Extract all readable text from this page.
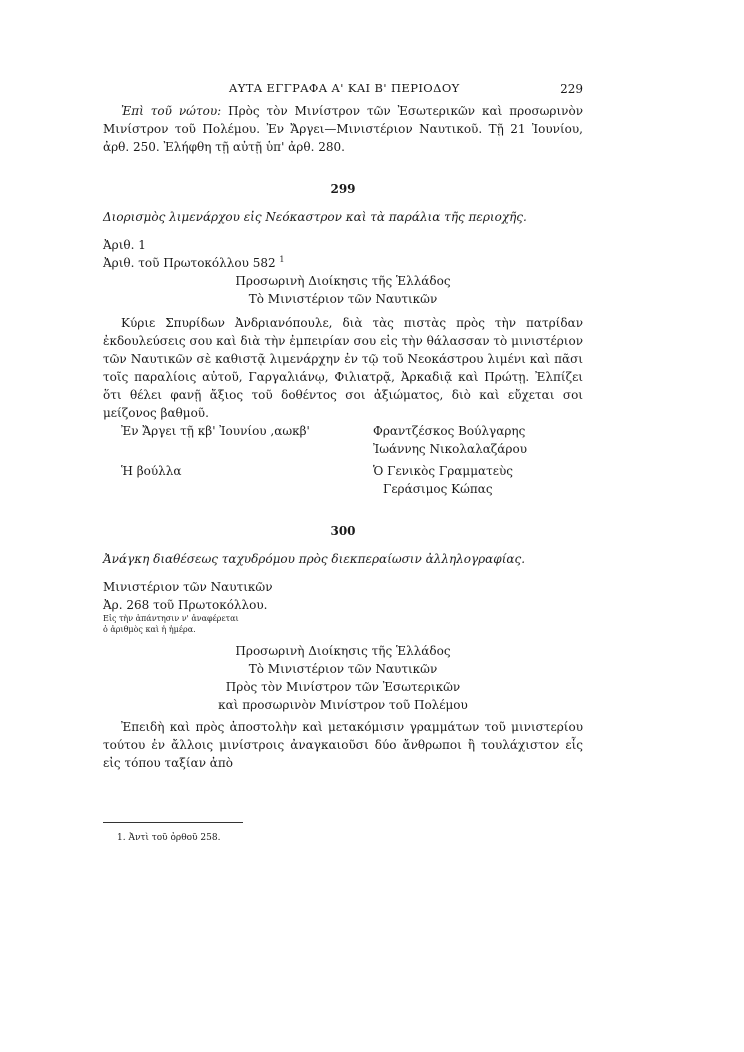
ΑΥΤΑ ΕΓΓΡΑΦΑ Α' ΚΑΙ Β' ΠΕΡΙΟΔΟΥ	229

Ἐπὶ τοῦ νώτου: Πρὸς τὸν Μινίστρον τῶν Ἐσωτερικῶν καὶ προσωρινὸν Μινίστρον τοῦ Πολέμου. Ἐν Ἄργει—Μινιστέριον Ναυτικοῦ. Τῇ 21 Ἰουνίου, ἀρθ. 250. Ἐλήφθη τῇ αὐτῇ ὑπ' ἀρθ. 280.

299

Διορισμὸς λιμενάρχου εἰς Νεόκαστρον καὶ τὰ παράλια τῆς περιοχῆς.

Ἀριθ. 1

Ἀριθ. τοῦ Πρωτοκόλλου 582 $^1$

Προσωρινὴ Διοίκησις τῆς Ἑλλάδος

Τὸ Μινιστέριον τῶν Ναυτικῶν

Κύριε Σπυρίδων Ἀνδριανόπουλε, διὰ τὰς πιστὰς πρὸς τὴν πατρίδαν ἐκδουλεύσεις σου καὶ διὰ τὴν ἐμπειρίαν σου εἰς τὴν θάλασσαν τὸ μινιστέριον τῶν Ναυτικῶν σὲ καθιστᾷ λιμενάρχην ἐν τῷ τοῦ Νεοκάστρου λιμένι καὶ πᾶσι τοῖς παραλίοις αὐτοῦ, Γαργαλιάνῳ, Φιλιατρᾷ, Ἀρκαδιᾷ καὶ Πρώτῃ. Ἐλπίζει ὅτι θέλει φανῇ ἄξιος τοῦ δοθέντος σοι ἀξιώματος, διὸ καὶ εὔχεται σοι μείζονος βαθμοῦ.

Ἐν Ἄργει τῇ κβ' Ἰουνίου ,αωκβ'	Φραντζέσκος Βούλγαρης
Ἰωάννης Νικολαλαζάρου
Ἡ βούλλα	Ὁ Γενικὸς Γραμματεὺς
Γεράσιμος Κώπας
300

Ἀνάγκη διαθέσεως ταχυδρόμου πρὸς διεκπεραίωσιν ἀλληλογραφίας.

Μινιστέριον τῶν Ναυτικῶν

Ἀρ. 268 τοῦ Πρωτοκόλλου.

Εἰς τὴν ἀπάντησιν ν' ἀναφέρεται

ὁ ἀριθμὸς καὶ ἡ ἡμέρα.

Προσωρινὴ Διοίκησις τῆς Ἑλλάδος

Τὸ Μινιστέριον τῶν Ναυτικῶν

Πρὸς τὸν Μινίστρον τῶν Ἐσωτερικῶν

καὶ προσωρινὸν Μινίστρον τοῦ Πολέμου

Ἐπειδὴ καὶ πρὸς ἀποστολὴν καὶ μετακόμισιν γραμμάτων τοῦ μινιστερίου τούτου ἐν ἄλλοις μινίστροις ἀναγκαιοῦσι δύο ἄνθρωποι ἢ τουλάχιστον εἷς εἰς τόπου ταξίαν ἀπὸ

1. Ἀντὶ τοῦ ὀρθοῦ 258.
